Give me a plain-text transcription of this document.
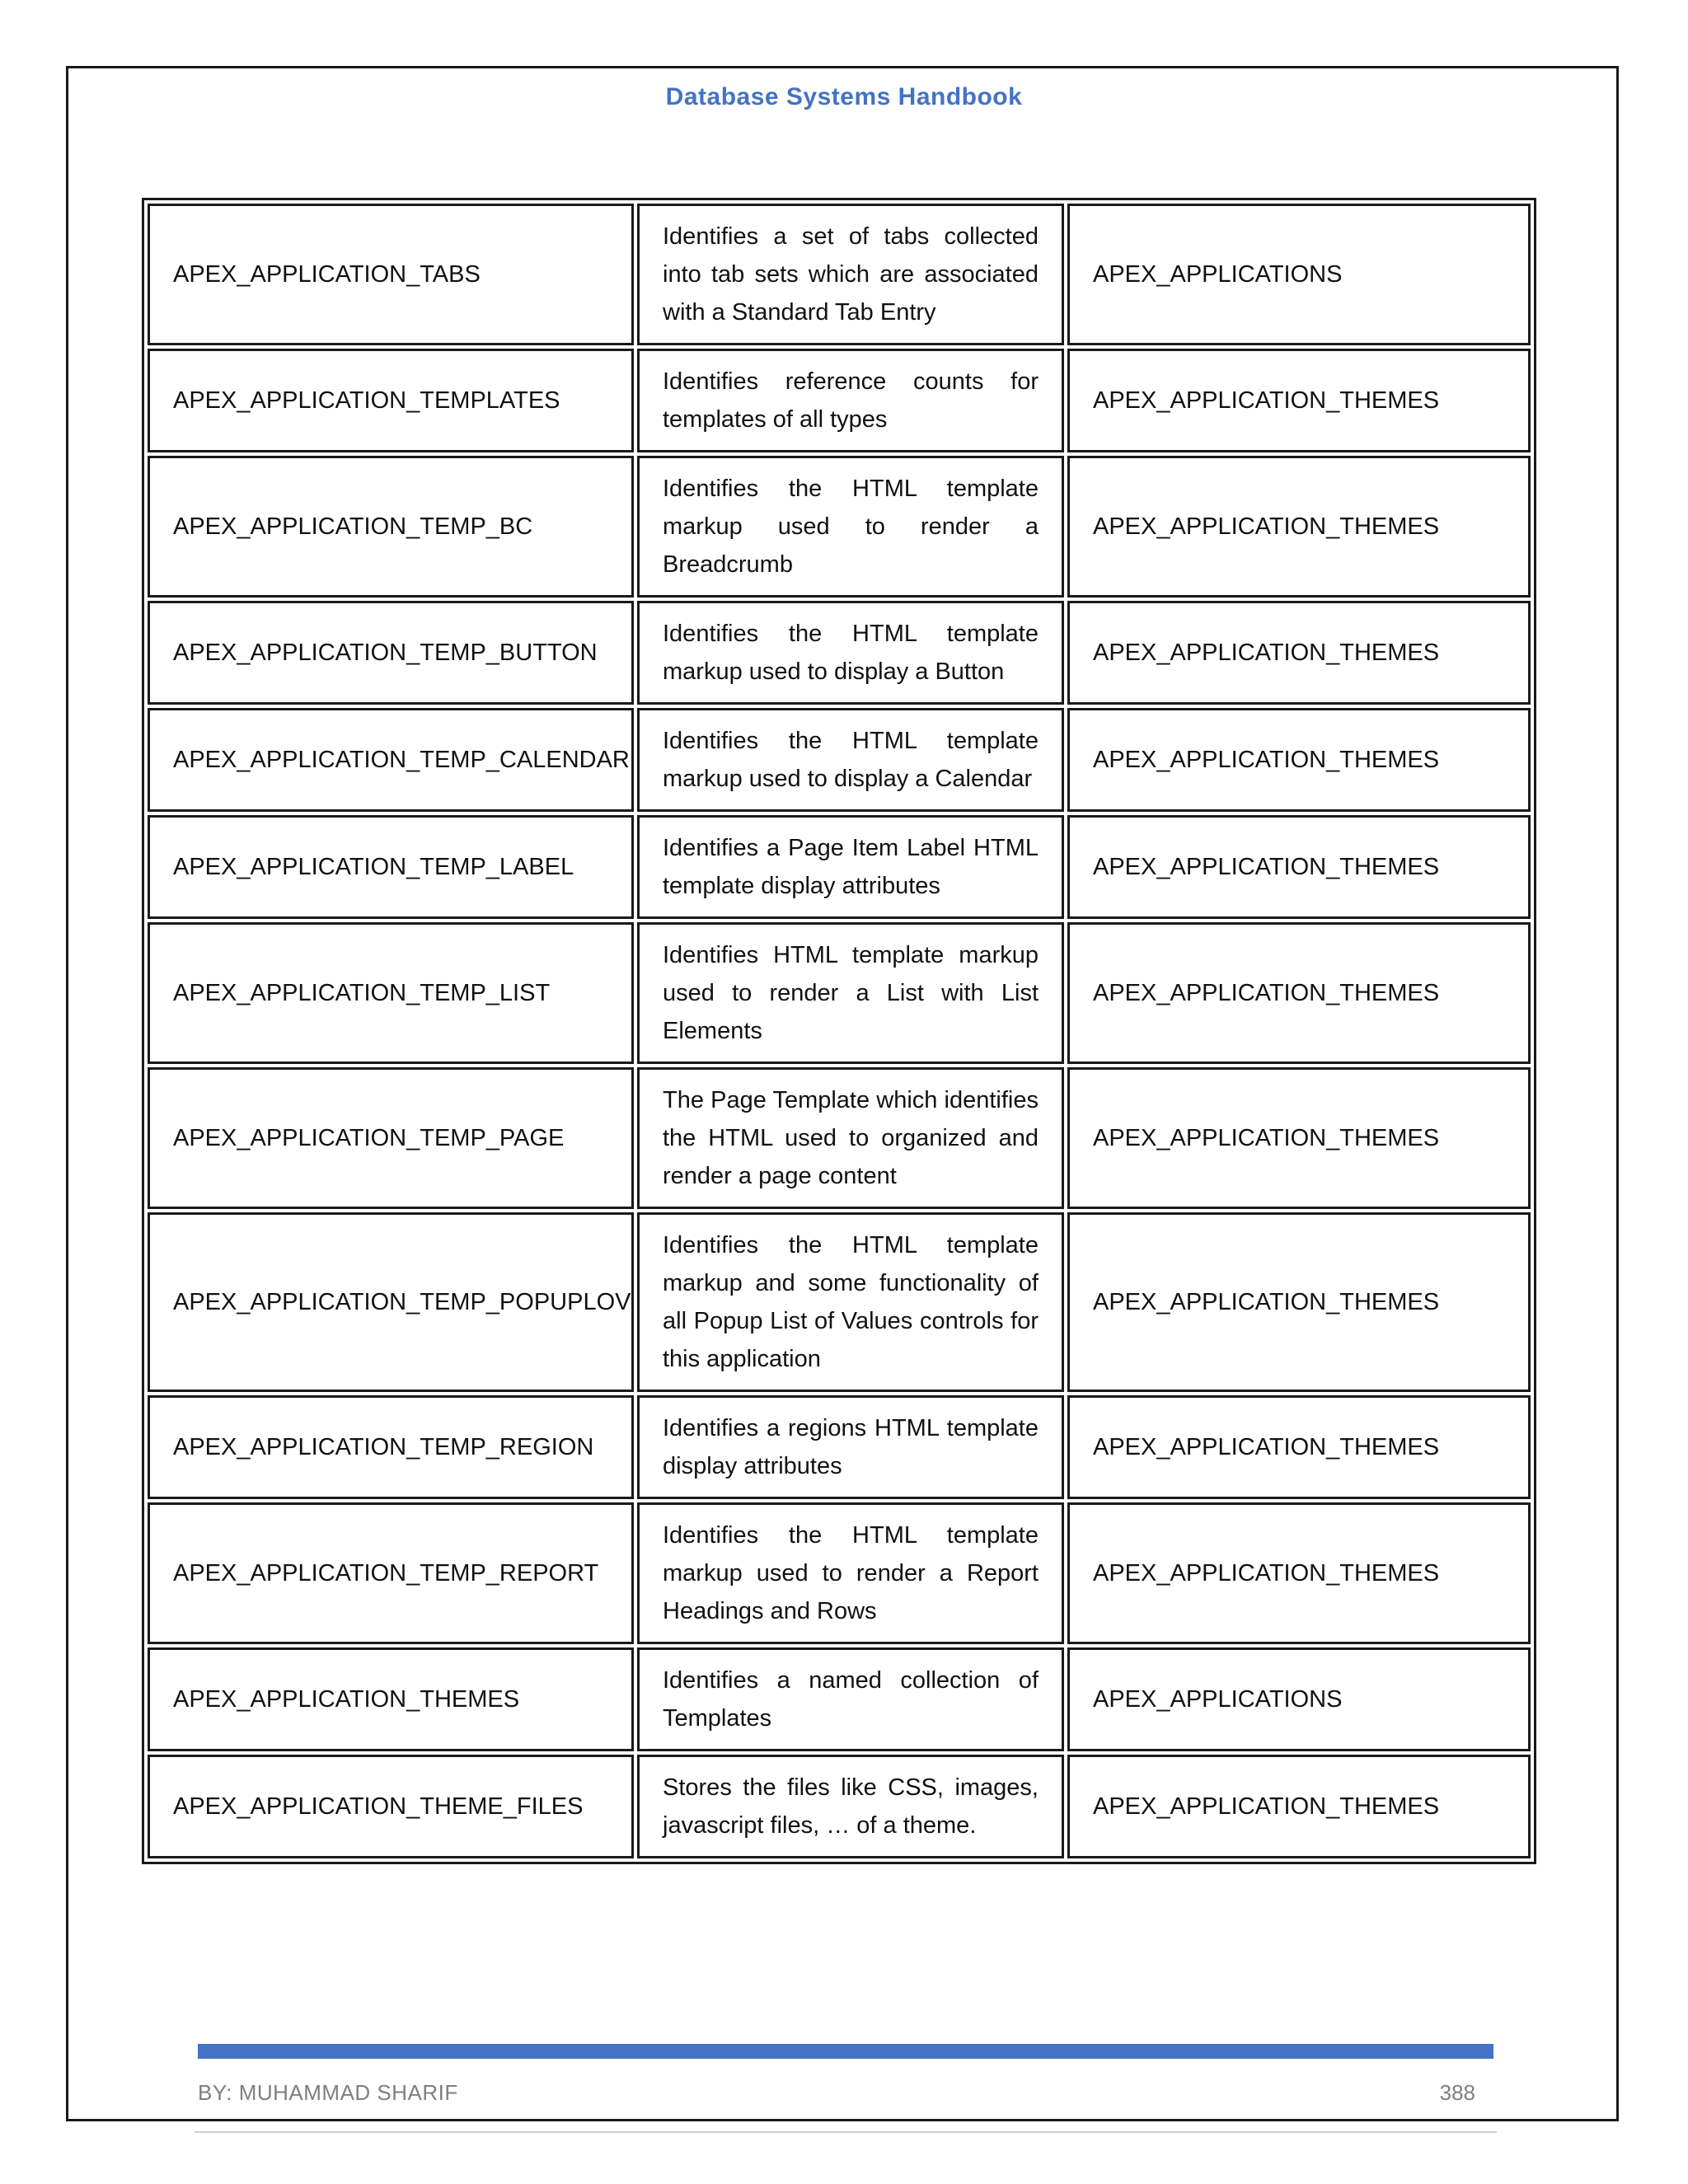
Database Systems Handbook
APEX_APPLICATION_TABS	Identifies a set of tabs collected into tab sets which are associated with a Standard Tab Entry	APEX_APPLICATIONS
APEX_APPLICATION_TEMPLATES	Identifies reference counts for templates of all types	APEX_APPLICATION_THEMES
APEX_APPLICATION_TEMP_BC	Identifies the HTML template markup used to render a Breadcrumb	APEX_APPLICATION_THEMES
APEX_APPLICATION_TEMP_BUTTON	Identifies the HTML template markup used to display a Button	APEX_APPLICATION_THEMES
APEX_APPLICATION_TEMP_CALENDAR	Identifies the HTML template markup used to display a Calendar	APEX_APPLICATION_THEMES
APEX_APPLICATION_TEMP_LABEL	Identifies a Page Item Label HTML template display attributes	APEX_APPLICATION_THEMES
APEX_APPLICATION_TEMP_LIST	Identifies HTML template markup used to render a List with List Elements	APEX_APPLICATION_THEMES
APEX_APPLICATION_TEMP_PAGE	The Page Template which identifies the HTML used to organized and render a page content	APEX_APPLICATION_THEMES
APEX_APPLICATION_TEMP_POPUPLOV	Identifies the HTML template markup and some functionality of all Popup List of Values controls for this application	APEX_APPLICATION_THEMES
APEX_APPLICATION_TEMP_REGION	Identifies a regions HTML template display attributes	APEX_APPLICATION_THEMES
APEX_APPLICATION_TEMP_REPORT	Identifies the HTML template markup used to render a Report Headings and Rows	APEX_APPLICATION_THEMES
APEX_APPLICATION_THEMES	Identifies a named collection of Templates	APEX_APPLICATIONS
APEX_APPLICATION_THEME_FILES	Stores the files like CSS, images, javascript files, … of a theme.	APEX_APPLICATION_THEMES
BY: MUHAMMAD SHARIF	388
